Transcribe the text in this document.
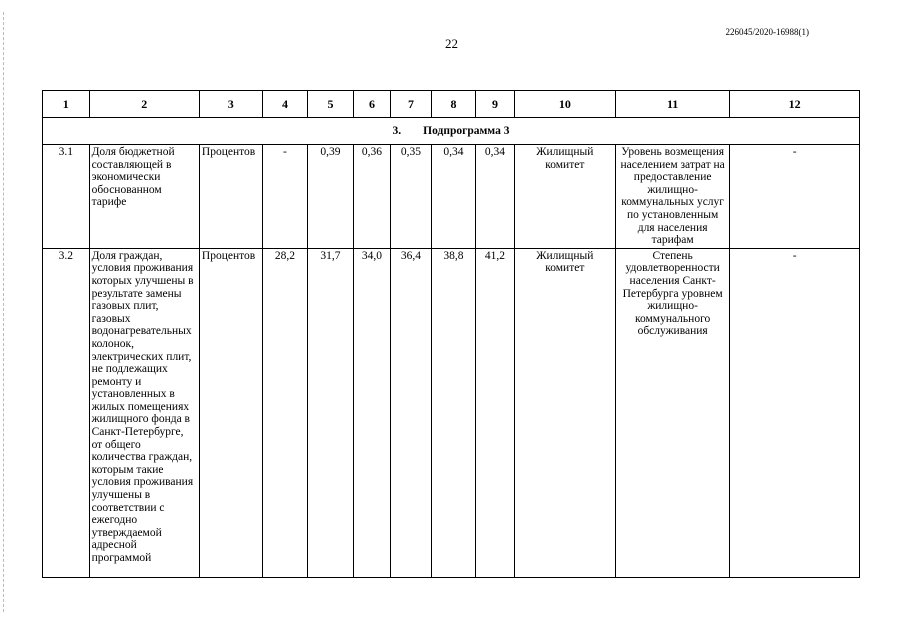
226045/2020-16988(1)
22
1	2	3	4	5	6	7	8	9	10	11	12
3. Подпрограмма 3											
3.1	Доля бюджетной составляющей в экономически обоснованном тарифе	Процентов	-	0,39	0,36	0,35	0,34	0,34	Жилищный комитет	Уровень возмещения населением затрат на предоставление жилищно-коммунальных услуг по установленным для населения тарифам	-
3.2	Доля граждан, условия проживания которых улучшены в результате замены газовых плит, газовых водонагревательных колонок, электрических плит, не подлежащих ремонту и установленных в жилых помещениях жилищного фонда в Санкт-Петербурге, от общего количества граждан, которым такие условия проживания улучшены в соответствии с ежегодно утверждаемой адресной программой	Процентов	28,2	31,7	34,0	36,4	38,8	41,2	Жилищный комитет	Степень удовлетворенности населения Санкт-Петербурга уровнем жилищно-коммунального обслуживания	-
